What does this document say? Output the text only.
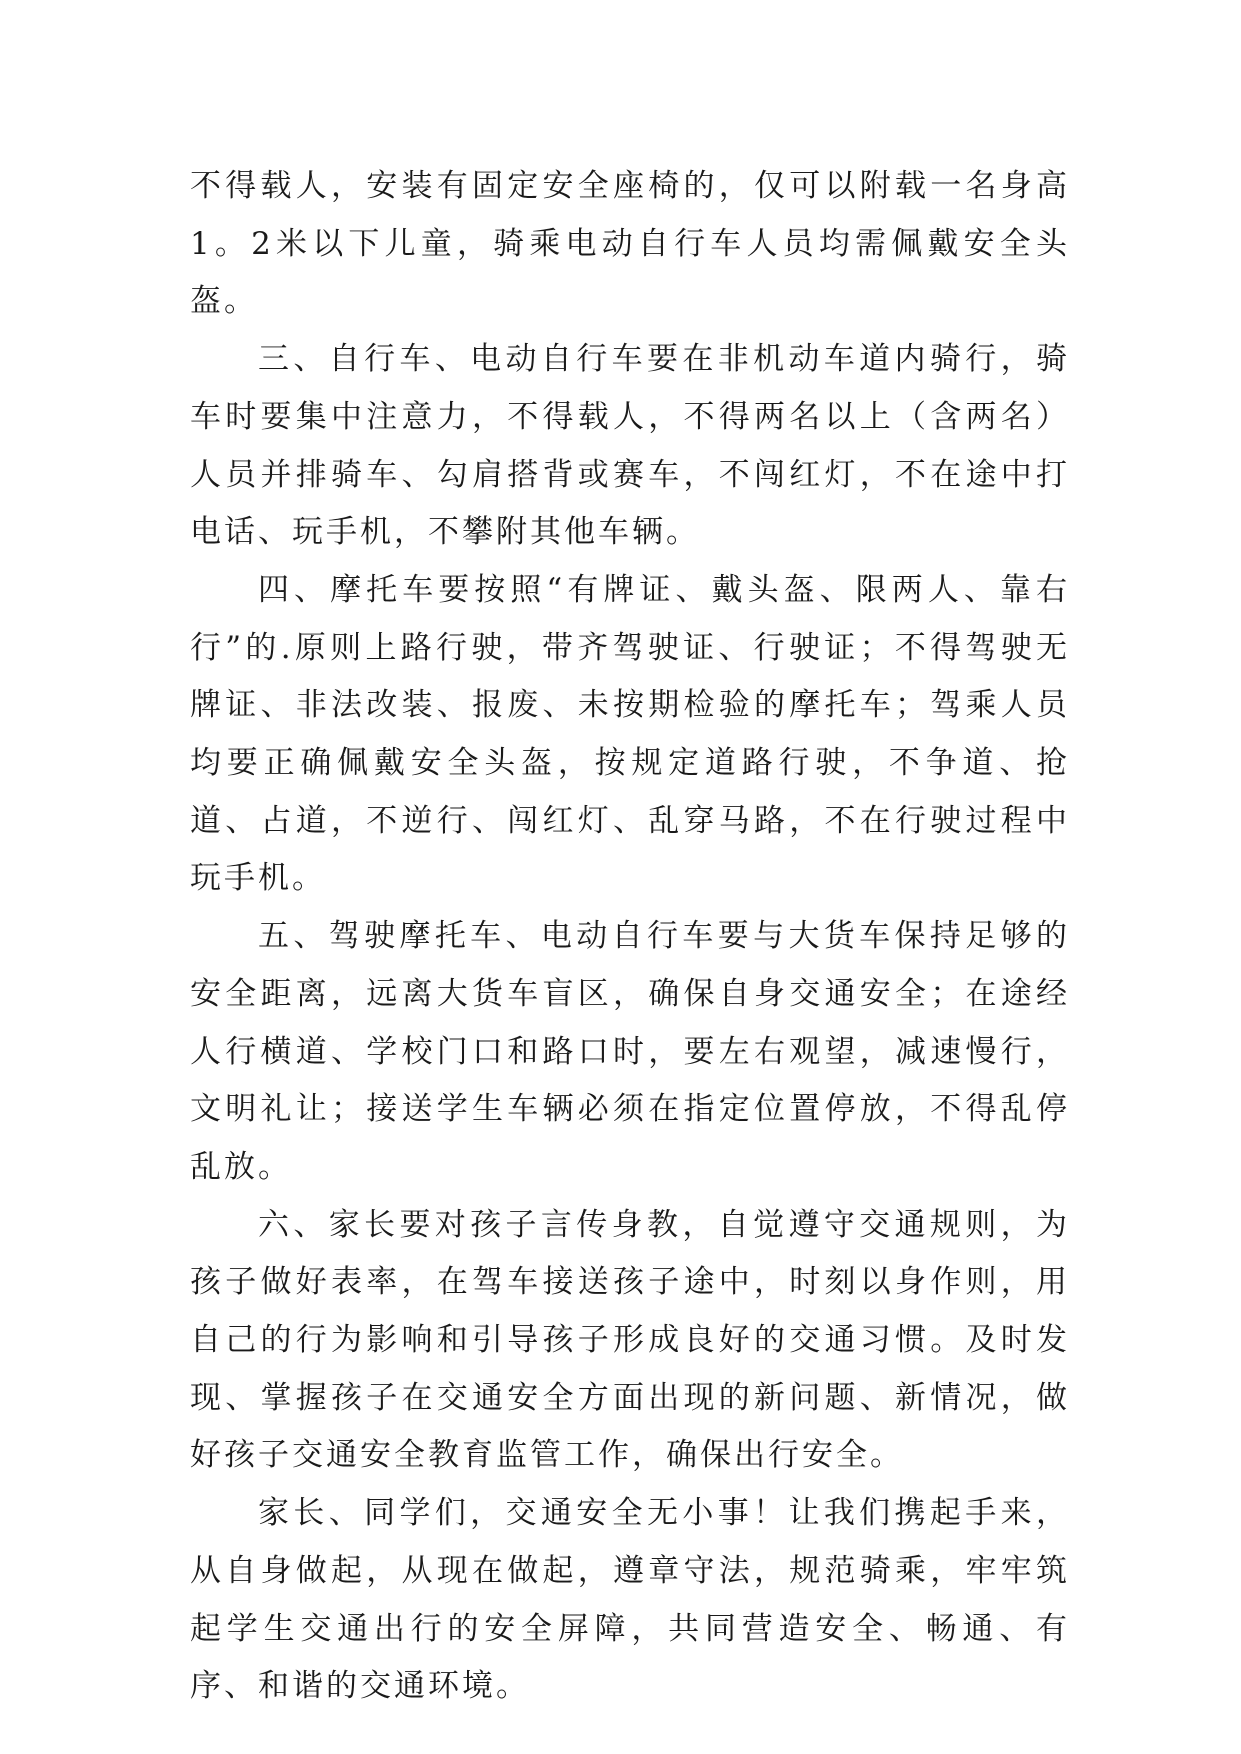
不得载人，安装有固定安全座椅的，仅可以附载一名身高1。2米以下儿童，骑乘电动自行车人员均需佩戴安全头盔。

三、自行车、电动自行车要在非机动车道内骑行，骑车时要集中注意力，不得载人，不得两名以上（含两名）人员并排骑车、勾肩搭背或赛车，不闯红灯，不在途中打电话、玩手机，不攀附其他车辆。

四、摩托车要按照“有牌证、戴头盔、限两人、靠右行”的.原则上路行驶，带齐驾驶证、行驶证；不得驾驶无牌证、非法改装、报废、未按期检验的摩托车；驾乘人员均要正确佩戴安全头盔，按规定道路行驶，不争道、抢道、占道，不逆行、闯红灯、乱穿马路，不在行驶过程中玩手机。

五、驾驶摩托车、电动自行车要与大货车保持足够的安全距离，远离大货车盲区，确保自身交通安全；在途经人行横道、学校门口和路口时，要左右观望，减速慢行，文明礼让；接送学生车辆必须在指定位置停放，不得乱停乱放。

六、家长要对孩子言传身教，自觉遵守交通规则，为孩子做好表率，在驾车接送孩子途中，时刻以身作则，用自己的行为影响和引导孩子形成良好的交通习惯。及时发现、掌握孩子在交通安全方面出现的新问题、新情况，做好孩子交通安全教育监管工作，确保出行安全。

家长、同学们，交通安全无小事！让我们携起手来，从自身做起，从现在做起，遵章守法，规范骑乘，牢牢筑起学生交通出行的安全屏障，共同营造安全、畅通、有序、和谐的交通环境。
